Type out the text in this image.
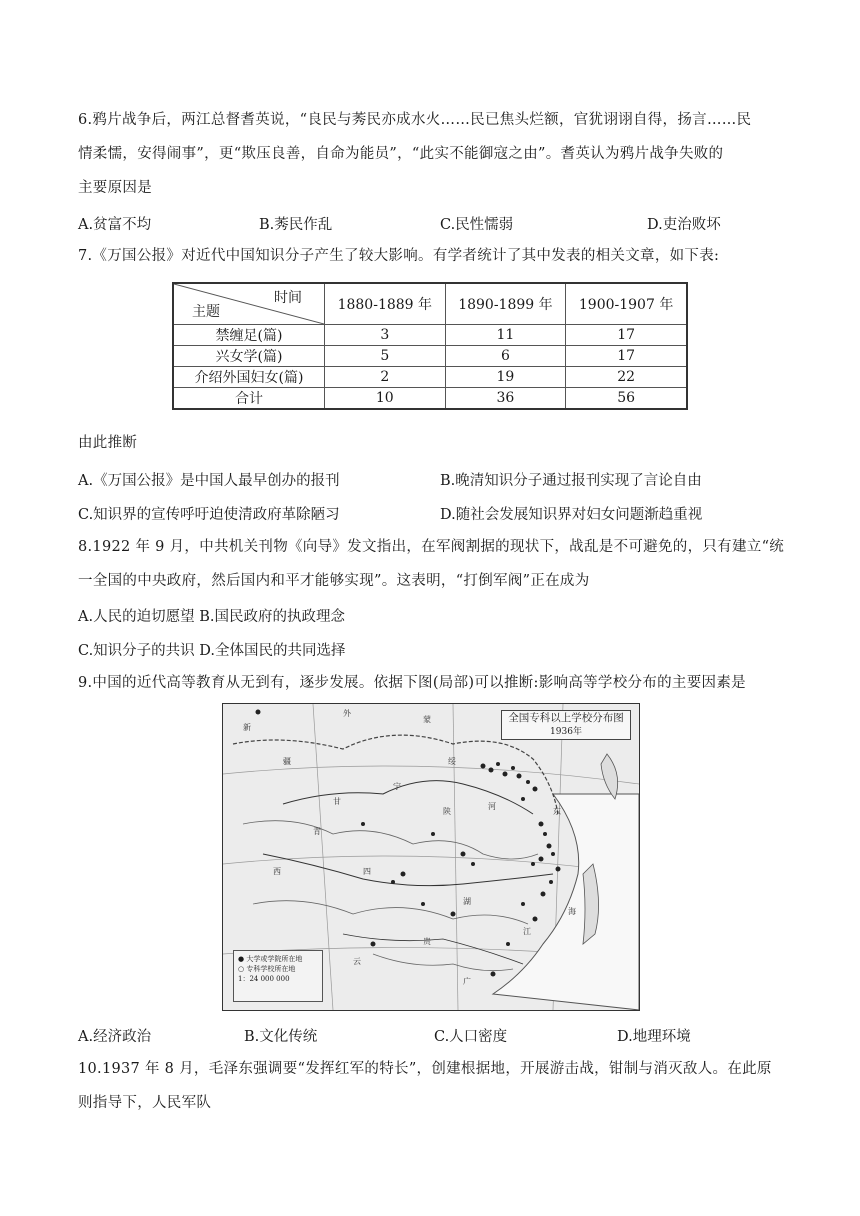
6.鸦片战争后，两江总督耆英说，“良民与莠民亦成水火……民已焦头烂额，官犹诩诩自得，扬言……民
情柔懦，安得闹事”，更“欺压良善，自命为能员”，“此实不能御寇之由”。耆英认为鸦片战争失败的
主要原因是
A.贫富不均	B.莠民作乱	C.民性懦弱	D.吏治败坏
7.《万国公报》对近代中国知识分子产生了较大影响。有学者统计了其中发表的相关文章，如下表:
时间
主题	1880-1889 年	1890-1899 年	1900-1907 年
禁缠足(篇)	3	11	17
兴女学(篇)	5	6	17
介绍外国妇女(篇)	2	19	22
合计	10	36	56
由此推断
A.《万国公报》是中国人最早创办的报刊	B.晚清知识分子通过报刊实现了言论自由
C.知识界的宣传呼吁迫使清政府革除陋习	D.随社会发展知识界对妇女问题渐趋重视
8.1922 年 9 月，中共机关刊物《向导》发文指出，在军阀割据的现状下，战乱是不可避免的，只有建立“统
一全国的中央政府，然后国内和平才能够实现”。这表明，“打倒军阀”正在成为
A.人民的迫切愿望 B.国民政府的执政理念
C.知识分子的共识 D.全体国民的共同选择
9.中国的近代高等教育从无到有，逐步发展。依据下图(局部)可以推断:影响高等学校分布的主要因素是
新
疆
外
蒙
绥
宁
甘
陕
河
青
西	四
湖
江
贵
云
广
东
海
全国专科以上学校分布图
1936年
● 大学或学院所在地
○ 专科学校所在地
1：24 000 000
A.经济政治	B.文化传统	C.人口密度	D.地理环境
10.1937 年 8 月，毛泽东强调要“发挥红军的特长”，创建根据地，开展游击战，钳制与消灭敌人。在此原
则指导下，人民军队
